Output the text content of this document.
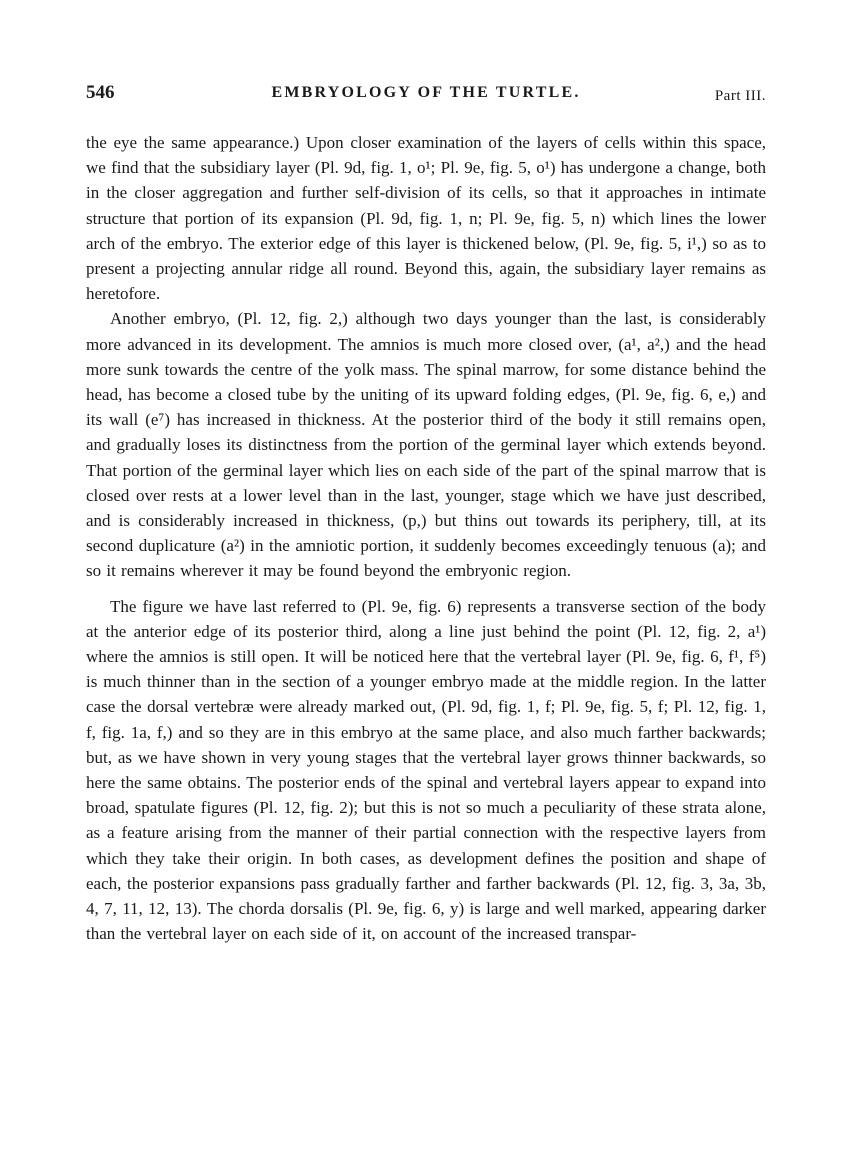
546	EMBRYOLOGY OF THE TURTLE.	Part III.

the eye the same appearance.) Upon closer examination of the layers of cells within this space, we find that the subsidiary layer (Pl. 9d, fig. 1, o¹; Pl. 9e, fig. 5, o¹) has undergone a change, both in the closer aggregation and further self-division of its cells, so that it approaches in intimate structure that portion of its expansion (Pl. 9d, fig. 1, n; Pl. 9e, fig. 5, n) which lines the lower arch of the embryo. The exterior edge of this layer is thickened below, (Pl. 9e, fig. 5, i¹,) so as to present a projecting annular ridge all round. Beyond this, again, the subsidiary layer remains as heretofore.

Another embryo, (Pl. 12, fig. 2,) although two days younger than the last, is considerably more advanced in its development. The amnios is much more closed over, (a¹, a²,) and the head more sunk towards the centre of the yolk mass. The spinal marrow, for some distance behind the head, has become a closed tube by the uniting of its upward folding edges, (Pl. 9e, fig. 6, e,) and its wall (e⁷) has increased in thickness. At the posterior third of the body it still remains open, and gradually loses its distinctness from the portion of the germinal layer which extends beyond. That portion of the germinal layer which lies on each side of the part of the spinal marrow that is closed over rests at a lower level than in the last, younger, stage which we have just described, and is considerably increased in thickness, (p,) but thins out towards its periphery, till, at its second duplicature (a²) in the amniotic portion, it suddenly becomes exceedingly tenuous (a); and so it remains wherever it may be found beyond the embryonic region.

The figure we have last referred to (Pl. 9e, fig. 6) represents a transverse section of the body at the anterior edge of its posterior third, along a line just behind the point (Pl. 12, fig. 2, a¹) where the amnios is still open. It will be noticed here that the vertebral layer (Pl. 9e, fig. 6, f¹, f⁵) is much thinner than in the section of a younger embryo made at the middle region. In the latter case the dorsal vertebræ were already marked out, (Pl. 9d, fig. 1, f; Pl. 9e, fig. 5, f; Pl. 12, fig. 1, f, fig. 1a, f,) and so they are in this embryo at the same place, and also much farther backwards; but, as we have shown in very young stages that the vertebral layer grows thinner backwards, so here the same obtains. The posterior ends of the spinal and vertebral layers appear to expand into broad, spatulate figures (Pl. 12, fig. 2); but this is not so much a peculiarity of these strata alone, as a feature arising from the manner of their partial connection with the respective layers from which they take their origin. In both cases, as development defines the position and shape of each, the posterior expansions pass gradually farther and farther backwards (Pl. 12, fig. 3, 3a, 3b, 4, 7, 11, 12, 13). The chorda dorsalis (Pl. 9e, fig. 6, y) is large and well marked, appearing darker than the vertebral layer on each side of it, on account of the increased transpar-
